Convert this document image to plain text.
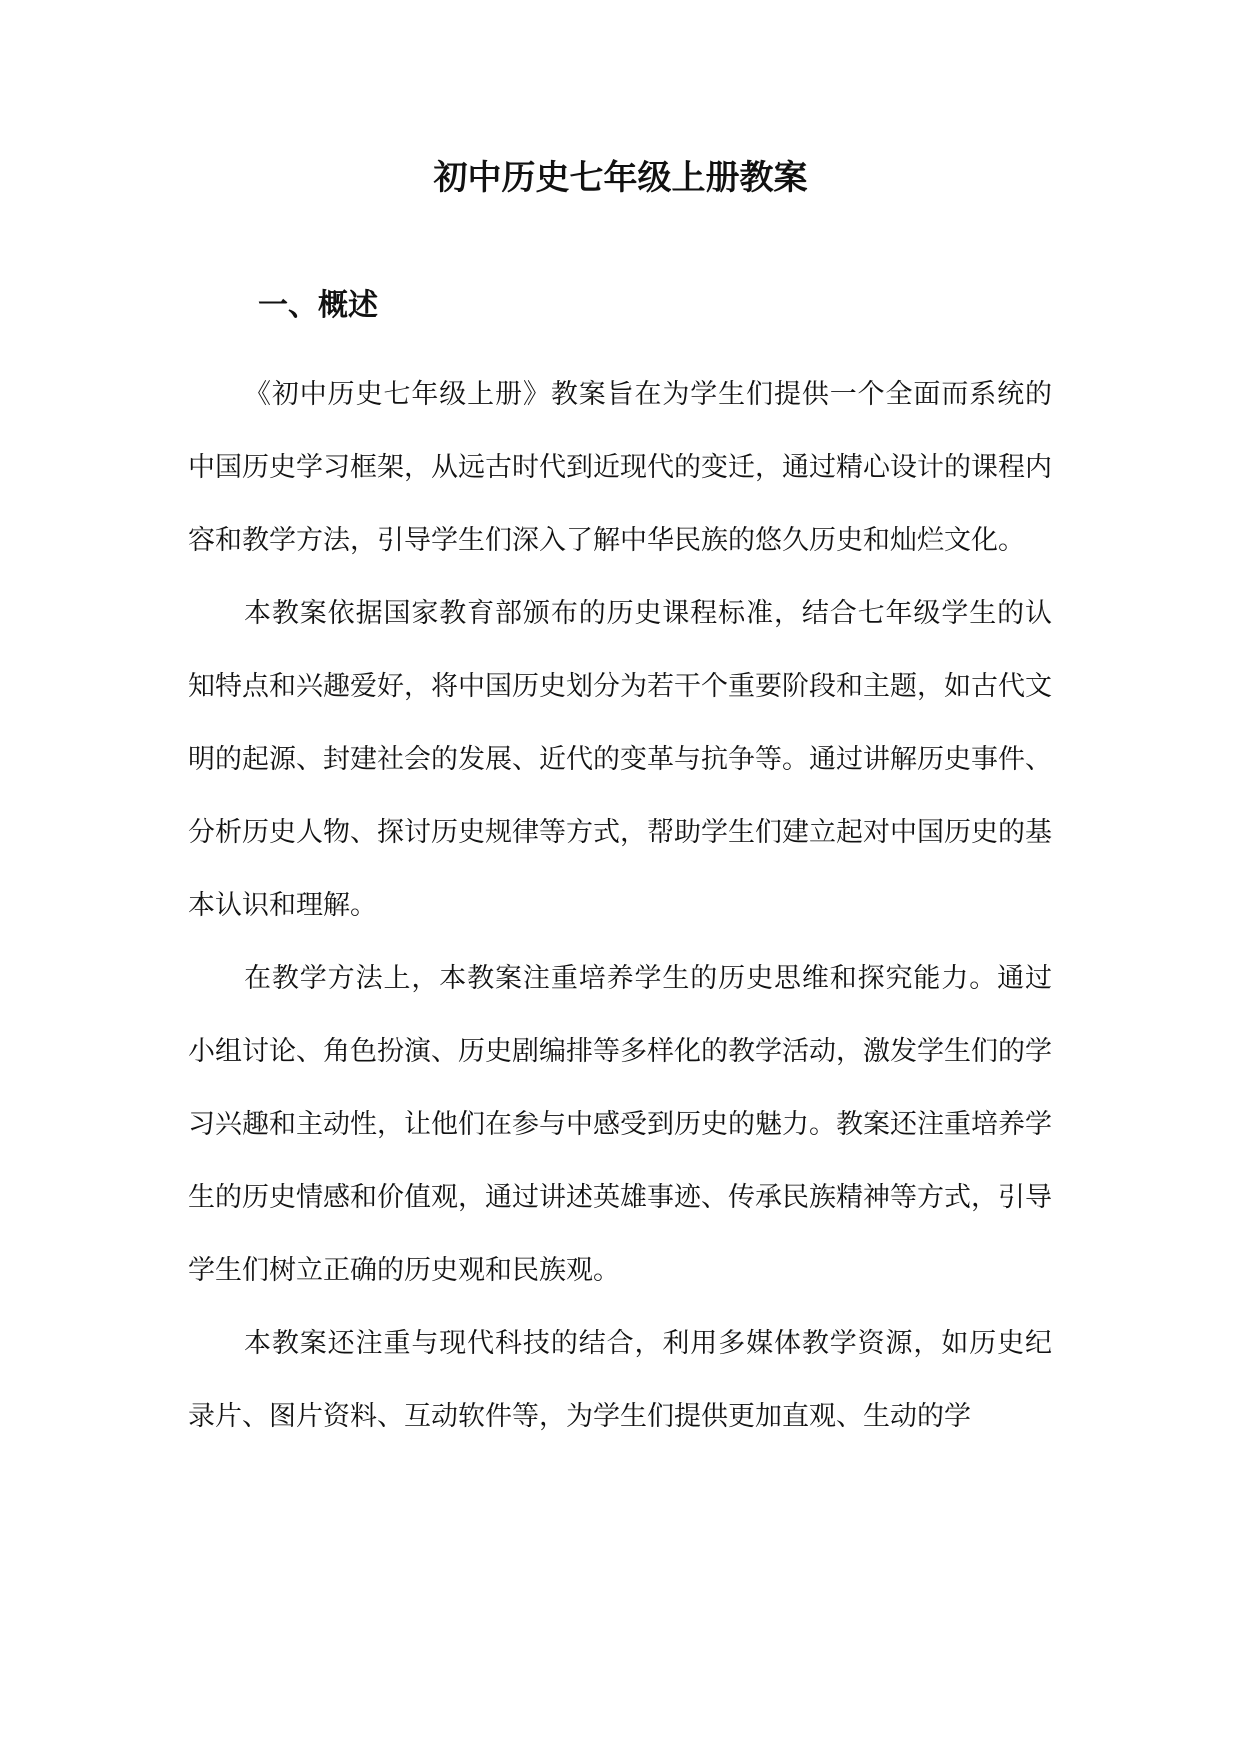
初中历史七年级上册教案
一、概述

《初中历史七年级上册》教案旨在为学生们提供一个全面而系统的中国历史学习框架，从远古时代到近现代的变迁，通过精心设计的课程内容和教学方法，引导学生们深入了解中华民族的悠久历史和灿烂文化。

本教案依据国家教育部颁布的历史课程标准，结合七年级学生的认知特点和兴趣爱好，将中国历史划分为若干个重要阶段和主题，如古代文明的起源、封建社会的发展、近代的变革与抗争等。通过讲解历史事件、分析历史人物、探讨历史规律等方式，帮助学生们建立起对中国历史的基本认识和理解。

在教学方法上，本教案注重培养学生的历史思维和探究能力。通过小组讨论、角色扮演、历史剧编排等多样化的教学活动，激发学生们的学习兴趣和主动性，让他们在参与中感受到历史的魅力。教案还注重培养学生的历史情感和价值观，通过讲述英雄事迹、传承民族精神等方式，引导学生们树立正确的历史观和民族观。

本教案还注重与现代科技的结合，利用多媒体教学资源，如历史纪录片、图片资料、互动软件等，为学生们提供更加直观、生动的学
